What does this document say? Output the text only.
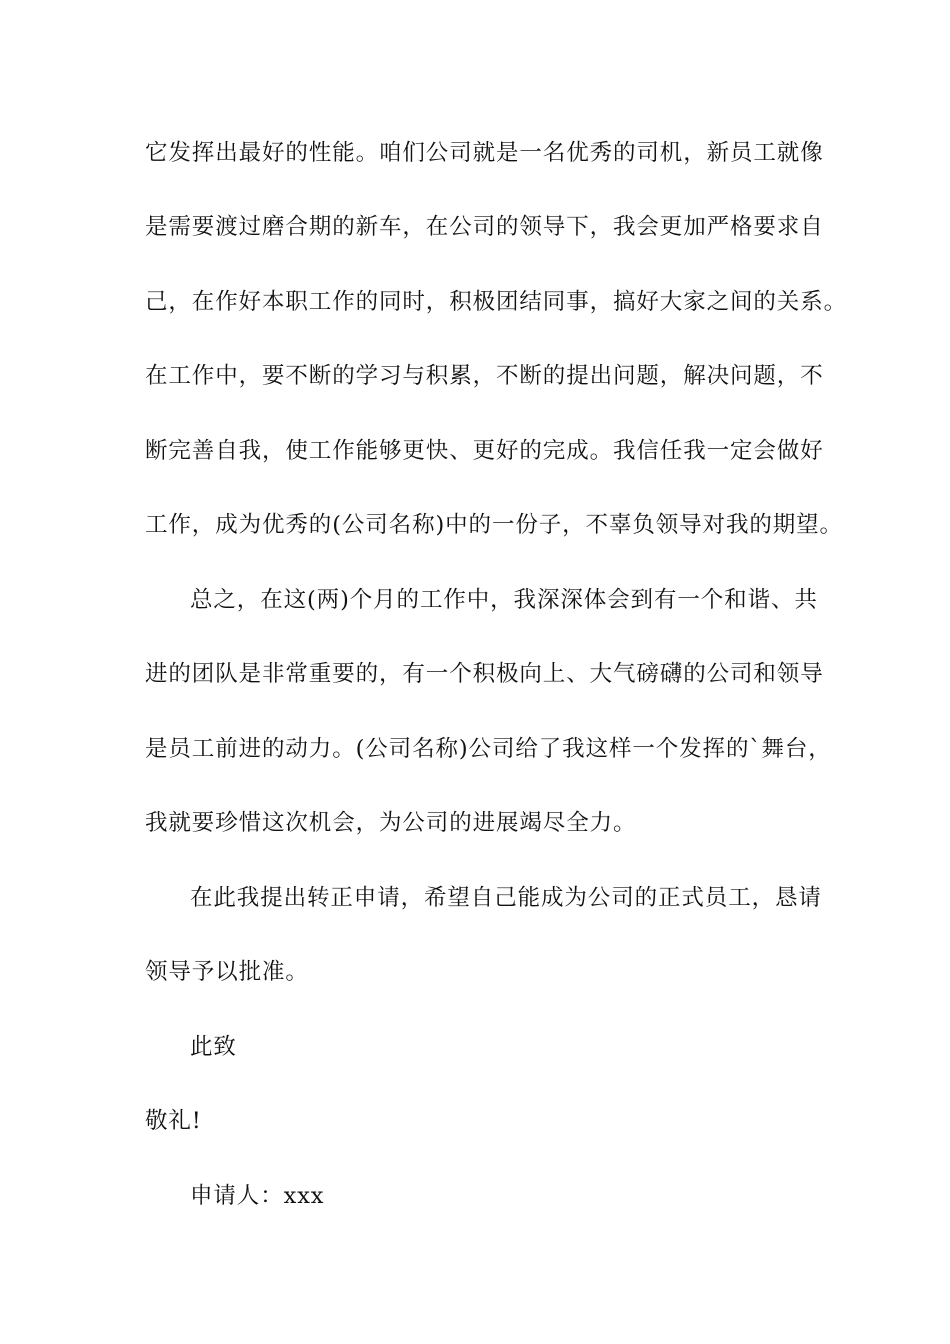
它发挥出最好的性能。咱们公司就是一名优秀的司机，新员工就像
是需要渡过磨合期的新车，在公司的领导下，我会更加严格要求自
己，在作好本职工作的同时，积极团结同事，搞好大家之间的关系。
在工作中，要不断的学习与积累，不断的提出问题，解决问题，不
断完善自我，使工作能够更快、更好的完成。我信任我一定会做好
工作，成为优秀的(公司名称)中的一份子，不辜负领导对我的期望。
总之，在这(两)个月的工作中，我深深体会到有一个和谐、共
进的团队是非常重要的，有一个积极向上、大气磅礴的公司和领导
是员工前进的动力。(公司名称)公司给了我这样一个发挥的`舞台，
我就要珍惜这次机会，为公司的进展竭尽全力。
在此我提出转正申请，希望自己能成为公司的正式员工，恳请
领导予以批准。
此致
敬礼!
申请人：xxx
